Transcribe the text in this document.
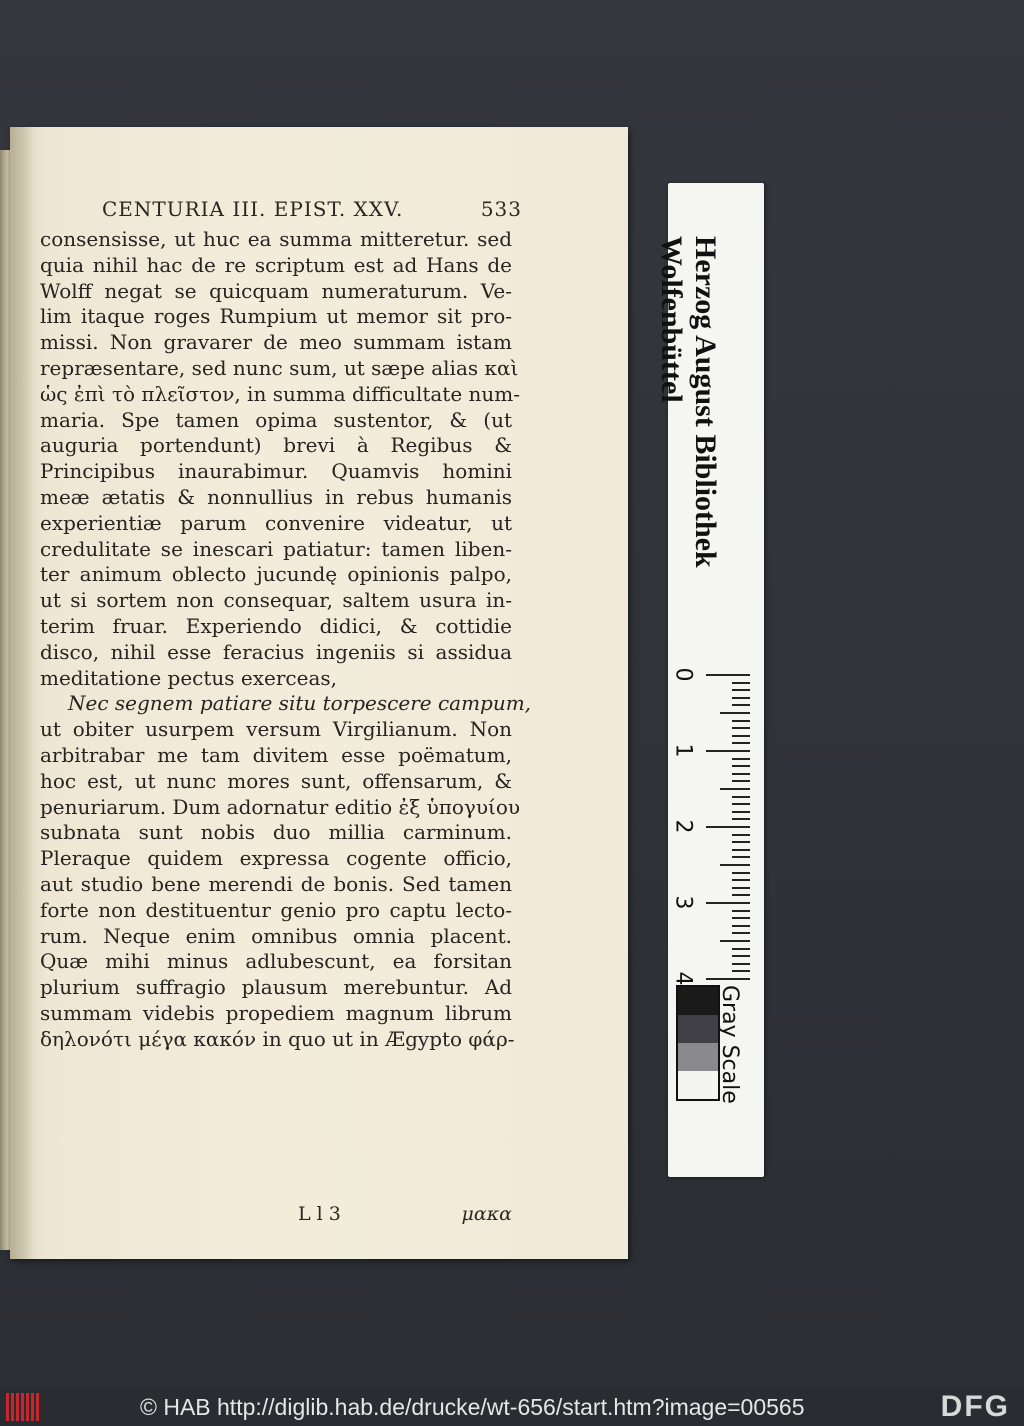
CENTURIA III. EPIST. XXV.	533
consensisse, ut huc ea summa mitteretur. sed
quia nihil hac de re scriptum est ad Hans de
Wolff negat se quicquam numeraturum. Ve-
lim itaque roges Rumpium ut memor sit pro-
missi. Non gravarer de meo summam istam
repræsentare, sed nunc sum, ut sæpe alias καὶ
ὡς ἐπὶ τὸ πλεῖστον, in summa difficultate num-
maria. Spe tamen opima sustentor, & (ut
auguria portendunt) brevi à Regibus &
Principibus inaurabimur. Quamvis homini
meæ ætatis & nonnullius in rebus humanis
experientiæ parum convenire videatur, ut
credulitate se inescari patiatur: tamen liben-
ter animum oblecto jucundę opinionis palpo,
ut si sortem non consequar, saltem usura in-
terim fruar. Experiendo didici, & cottidie
disco, nihil esse feracius ingeniis si assidua
meditatione pectus exerceas,
Nec segnem patiare situ torpescere campum,
ut obiter usurpem versum Virgilianum. Non
arbitrabar me tam divitem esse poëmatum,
hoc est, ut nunc mores sunt, offensarum, &
penuriarum. Dum adornatur editio ἐξ ὑπογυίου
subnata sunt nobis duo millia carminum.
Pleraque quidem expressa cogente officio,
aut studio bene merendi de bonis. Sed tamen
forte non destituentur genio pro captu lecto-
rum. Neque enim omnibus omnia placent.
Quæ mihi minus adlubescunt, ea forsitan
plurium suffragio plausum merebuntur. Ad
summam videbis propediem magnum librum
δηλονότι μέγα κακόν in quo ut in Ægypto φάρ-
L l 3	μακα
Herzog August Bibliothek
Wolfenbüttel
0
1
2
3
4
Gray Scale
© HAB http://diglib.hab.de/drucke/wt-656/start.htm?image=00565	DFG
